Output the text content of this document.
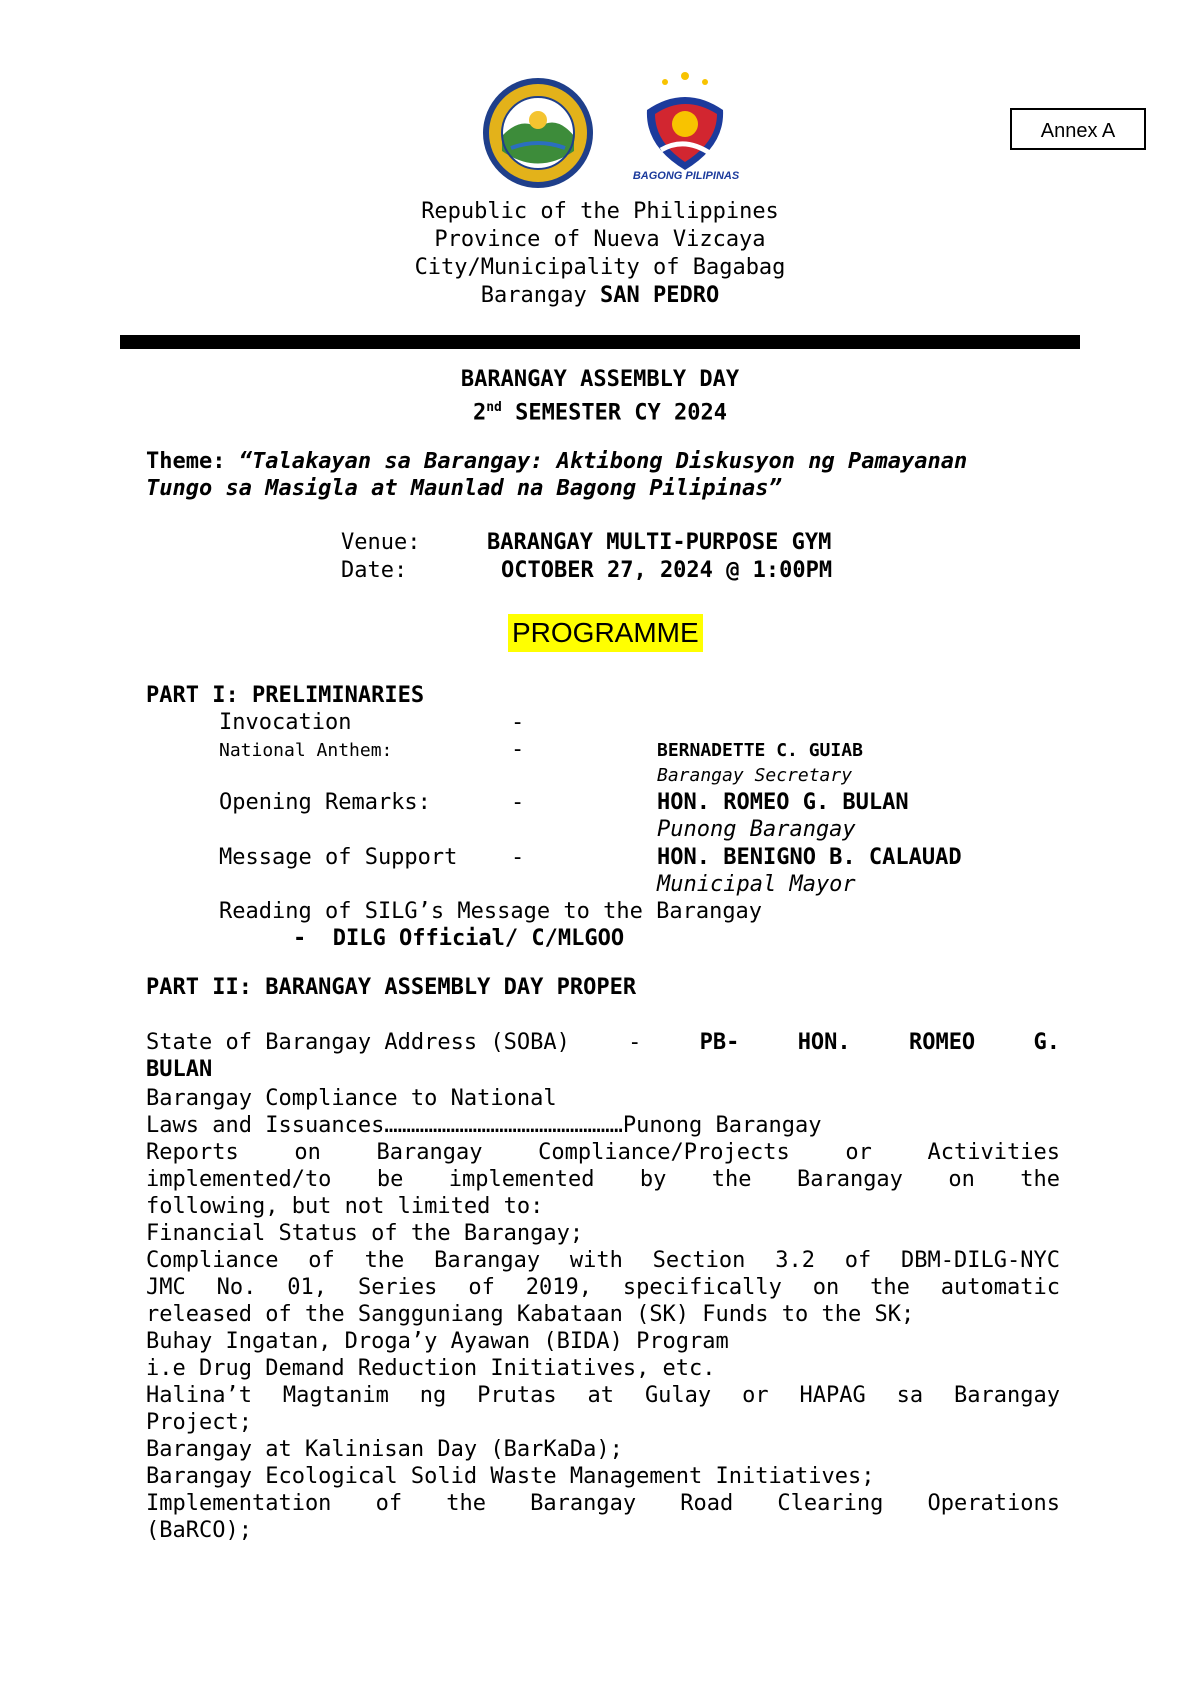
Annex A
BAGONG PILIPINAS
Republic of the Philippines
Province of Nueva Vizcaya
City/Municipality of Bagabag
Barangay SAN PEDRO
BARANGAY ASSEMBLY DAY
2nd SEMESTER CY 2024
Theme: “Talakayan sa Barangay: Aktibong Diskusyon ng Pamayanan
Tungo sa Masigla at Maunlad na Bagong Pilipinas”
Venue:	BARANGAY MULTI-PURPOSE GYM
Date:	OCTOBER 27, 2024 @ 1:00PM
PROGRAMME
PART I: PRELIMINARIES
Invocation	-
National Anthem:	-	BERNADETTE C. GUIAB
Barangay Secretary
Opening Remarks:	-	HON. ROMEO G. BULAN
Punong Barangay
Message of Support -	HON. BENIGNO B. CALAUAD
Municipal Mayor
Reading of SILG’s Message to the Barangay
-  DILG Official/ C/MLGOO
PART II: BARANGAY ASSEMBLY DAY PROPER
State of Barangay Address (SOBA)	-	PB-	HON.	ROMEO	G.
BULAN
Barangay Compliance to National
Laws and Issuances………………………………………………Punong Barangay
Reports on Barangay Compliance/Projects or Activities
implemented/to be implemented by the Barangay on the
following, but not limited to:
Financial Status of the Barangay;
Compliance of the Barangay with Section 3.2 of DBM-DILG-NYC
JMC No. 01, Series of 2019, specifically on the automatic
released of the Sangguniang Kabataan (SK) Funds to the SK;
Buhay Ingatan, Droga’y Ayawan (BIDA) Program
i.e Drug Demand Reduction Initiatives, etc.
Halina’t Magtanim ng Prutas at Gulay or HAPAG sa Barangay
Project;
Barangay at Kalinisan Day (BarKaDa);
Barangay Ecological Solid Waste Management Initiatives;
Implementation of the Barangay Road Clearing Operations
(BaRCO);
